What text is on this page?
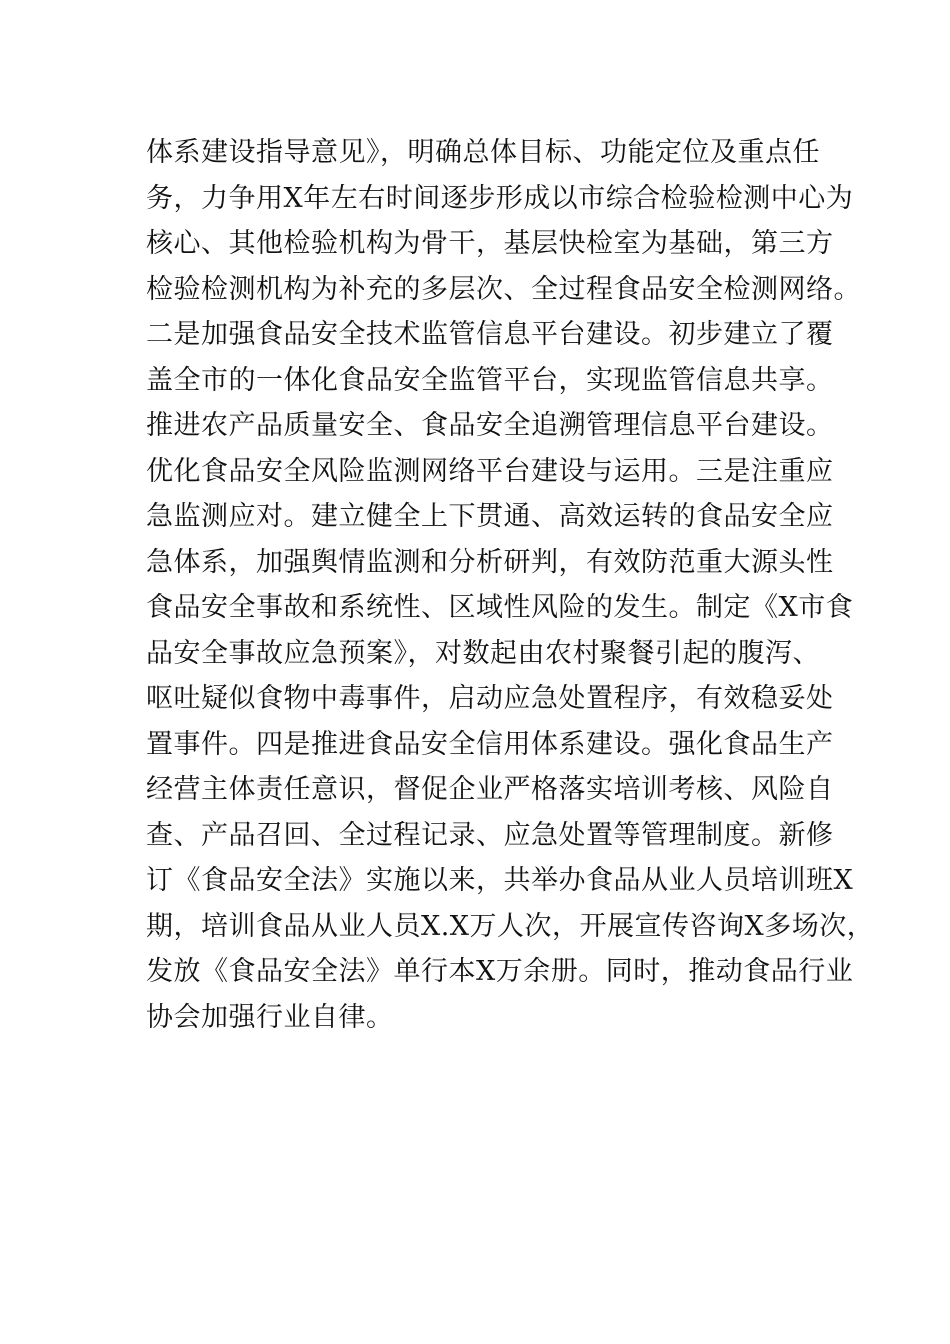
体系建设指导意见》，明确总体目标、功能定位及重点任
务，力争用X年左右时间逐步形成以市综合检验检测中心为
核心、其他检验机构为骨干，基层快检室为基础，第三方
检验检测机构为补充的多层次、全过程食品安全检测网络。
二是加强食品安全技术监管信息平台建设。初步建立了覆
盖全市的一体化食品安全监管平台，实现监管信息共享。
推进农产品质量安全、食品安全追溯管理信息平台建设。
优化食品安全风险监测网络平台建设与运用。三是注重应
急监测应对。建立健全上下贯通、高效运转的食品安全应
急体系，加强舆情监测和分析研判，有效防范重大源头性
食品安全事故和系统性、区域性风险的发生。制定《X市食
品安全事故应急预案》，对数起由农村聚餐引起的腹泻、
呕吐疑似食物中毒事件，启动应急处置程序，有效稳妥处
置事件。四是推进食品安全信用体系建设。强化食品生产
经营主体责任意识，督促企业严格落实培训考核、风险自
查、产品召回、全过程记录、应急处置等管理制度。新修
订《食品安全法》实施以来，共举办食品从业人员培训班X
期，培训食品从业人员X.X万人次，开展宣传咨询X多场次，
发放《食品安全法》单行本X万余册。同时，推动食品行业
协会加强行业自律。
